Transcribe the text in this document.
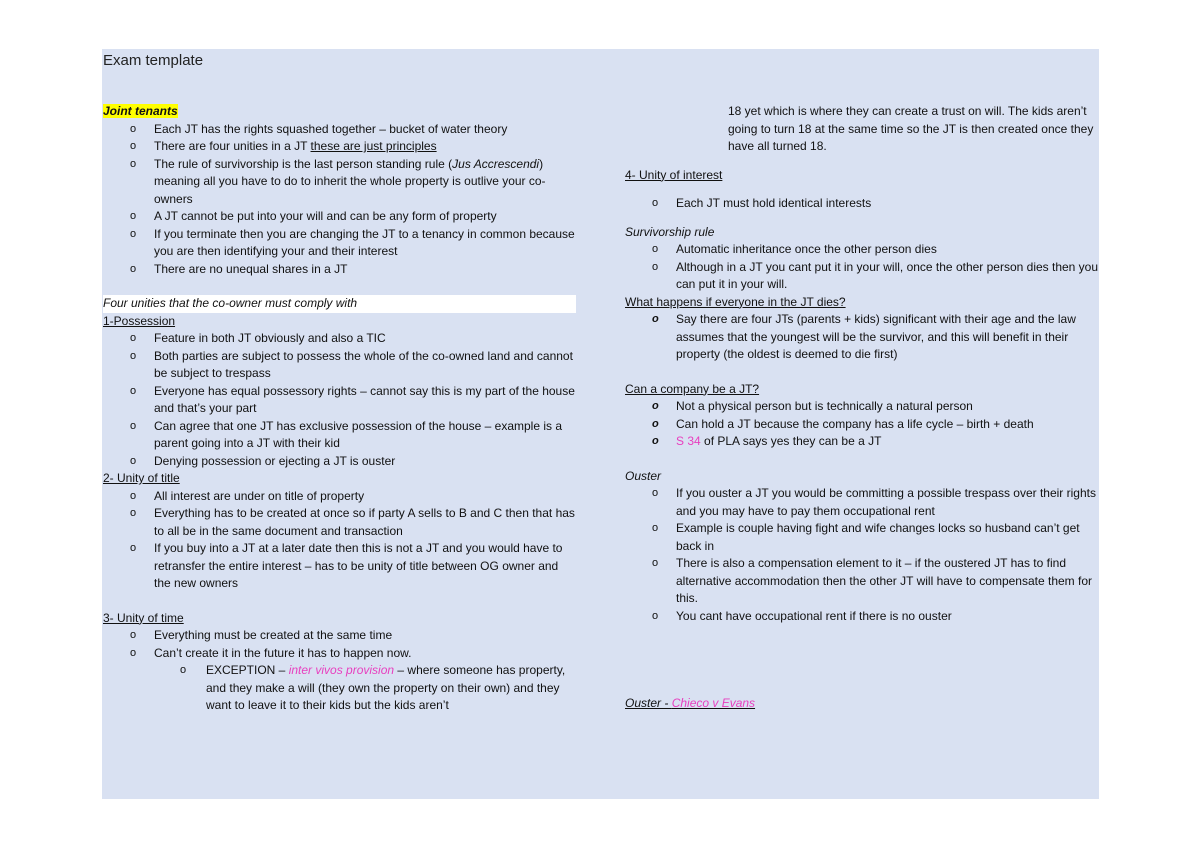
Exam template
Joint tenants
o Each JT has the rights squashed together – bucket of water theory
o There are four unities in a JT these are just principles
o The rule of survivorship is the last person standing rule (Jus Accrescendi) meaning all you have to do to inherit the whole property is outlive your co-owners
o A JT cannot be put into your will and can be any form of property
o If you terminate then you are changing the JT to a tenancy in common because you are then identifying your and their interest
o There are no unequal shares in a JT
Four unities that the co-owner must comply with
1-Possession
o Feature in both JT obviously and also a TIC
o Both parties are subject to possess the whole of the co-owned land and cannot be subject to trespass
o Everyone has equal possessory rights – cannot say this is my part of the house and that’s your part
o Can agree that one JT has exclusive possession of the house – example is a parent going into a JT with their kid
o Denying possession or ejecting a JT is ouster
2- Unity of title
o All interest are under on title of property
o Everything has to be created at once so if party A sells to B and C then that has to all be in the same document and transaction
o If you buy into a JT at a later date then this is not a JT and you would have to retransfer the entire interest – has to be unity of title between OG owner and the new owners
3- Unity of time
o Everything must be created at the same time
o Can’t create it in the future it has to happen now.
o EXCEPTION – inter vivos provision – where someone has property, and they make a will (they own the property on their own) and they want to leave it to their kids but the kids aren’t
18 yet which is where they can create a trust on will. The kids aren’t going to turn 18 at the same time so the JT is then created once they have all turned 18.
4- Unity of interest
o Each JT must hold identical interests
Survivorship rule
o Automatic inheritance once the other person dies
o Although in a JT you cant put it in your will, once the other person dies then you can put it in your will.
What happens if everyone in the JT dies?
o Say there are four JTs (parents + kids) significant with their age and the law assumes that the youngest will be the survivor, and this will benefit in their property (the oldest is deemed to die first)
Can a company be a JT?
o Not a physical person but is technically a natural person
o Can hold a JT because the company has a life cycle – birth + death
o S 34 of PLA says yes they can be a JT
Ouster
o If you ouster a JT you would be committing a possible trespass over their rights and you may have to pay them occupational rent
o Example is couple having fight and wife changes locks so husband can’t get back in
o There is also a compensation element to it – if the oustered JT has to find alternative accommodation then the other JT will have to compensate them for this.
o You cant have occupational rent if there is no ouster
Ouster - Chieco v Evans
